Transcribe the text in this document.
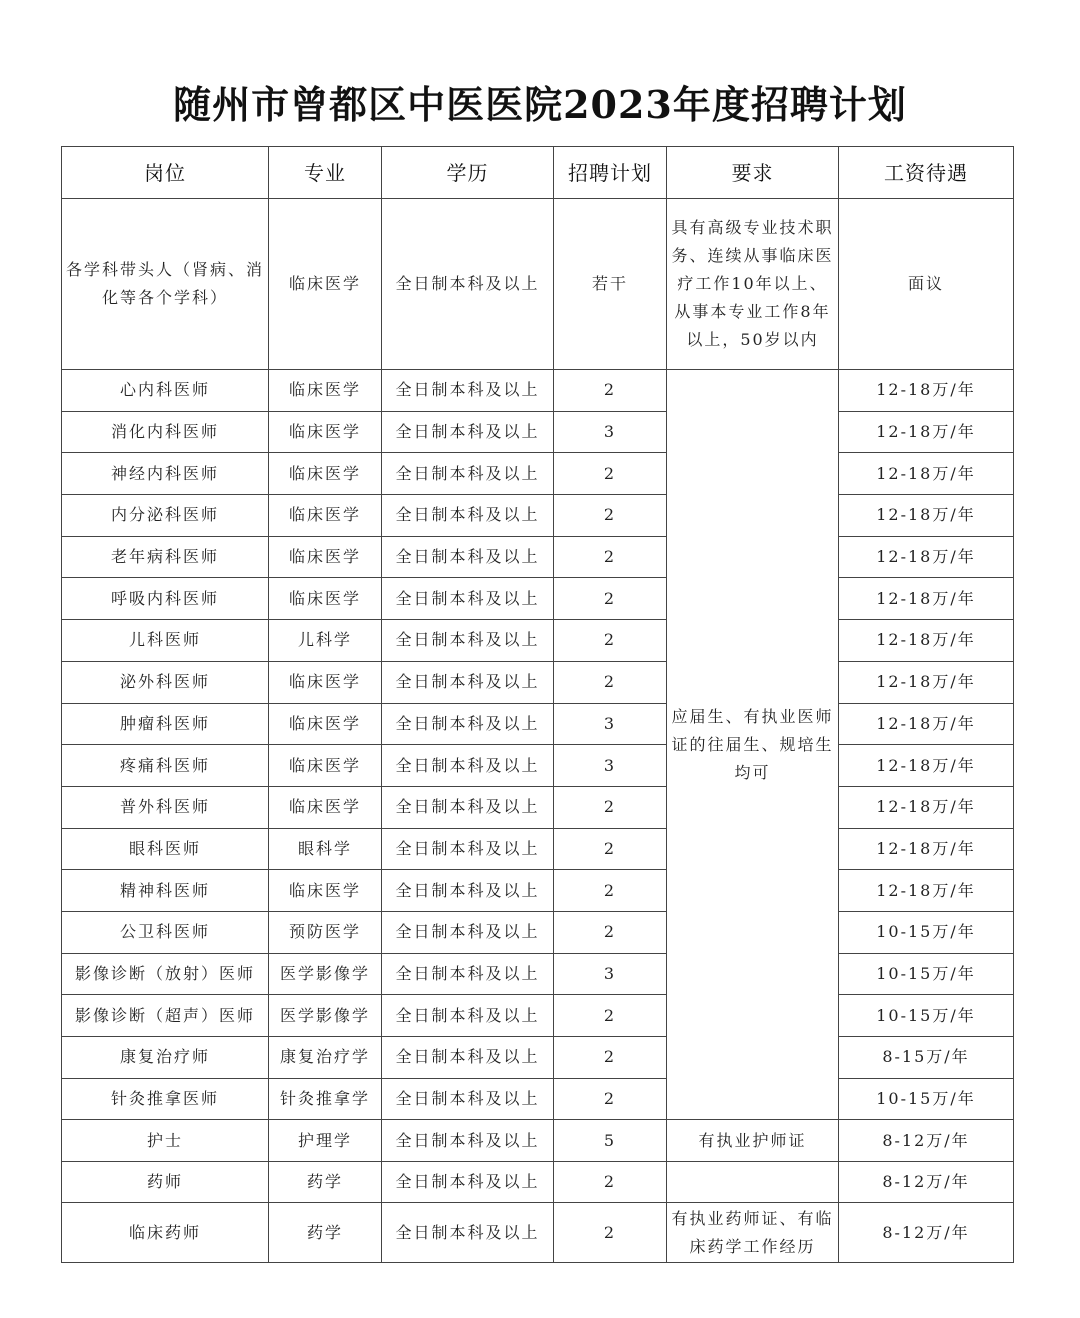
随州市曾都区中医医院2023年度招聘计划
岗位	专业	学历	招聘计划	要求	工资待遇
各学科带头人（肾病、消化等各个学科）	临床医学	全日制本科及以上	若干	具有高级专业技术职务、连续从事临床医疗工作10年以上、从事本专业工作8年以上，50岁以内	面议
心内科医师	临床医学	全日制本科及以上	2	应届生、有执业医师证的往届生、规培生均可	12-18万/年
消化内科医师	临床医学	全日制本科及以上	3		12-18万/年
神经内科医师	临床医学	全日制本科及以上	2		12-18万/年
内分泌科医师	临床医学	全日制本科及以上	2		12-18万/年
老年病科医师	临床医学	全日制本科及以上	2		12-18万/年
呼吸内科医师	临床医学	全日制本科及以上	2		12-18万/年
儿科医师	儿科学	全日制本科及以上	2		12-18万/年
泌外科医师	临床医学	全日制本科及以上	2		12-18万/年
肿瘤科医师	临床医学	全日制本科及以上	3		12-18万/年
疼痛科医师	临床医学	全日制本科及以上	3		12-18万/年
普外科医师	临床医学	全日制本科及以上	2		12-18万/年
眼科医师	眼科学	全日制本科及以上	2		12-18万/年
精神科医师	临床医学	全日制本科及以上	2		12-18万/年
公卫科医师	预防医学	全日制本科及以上	2		10-15万/年
影像诊断（放射）医师	医学影像学	全日制本科及以上	3		10-15万/年
影像诊断（超声）医师	医学影像学	全日制本科及以上	2		10-15万/年
康复治疗师	康复治疗学	全日制本科及以上	2		8-15万/年
针灸推拿医师	针灸推拿学	全日制本科及以上	2		10-15万/年
护士	护理学	全日制本科及以上	5	有执业护师证	8-12万/年
药师	药学	全日制本科及以上	2		8-12万/年
临床药师	药学	全日制本科及以上	2	有执业药师证、有临床药学工作经历	8-12万/年
